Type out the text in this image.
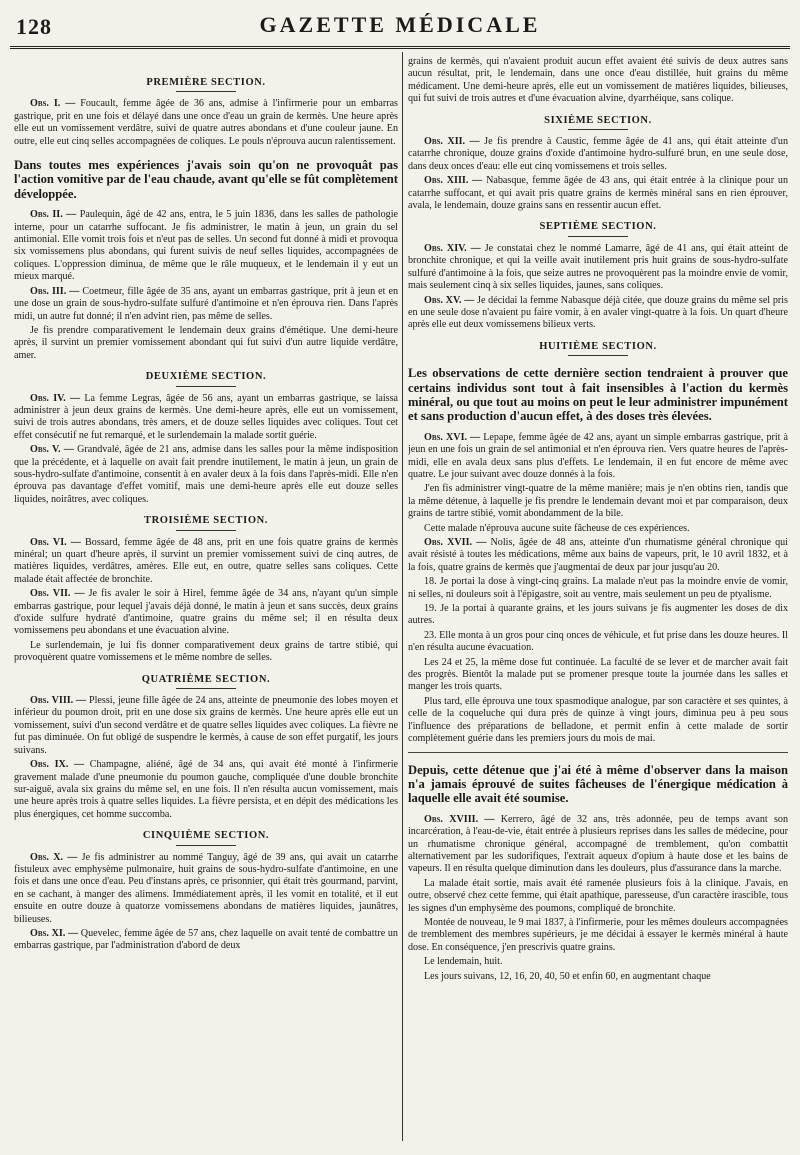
128	GAZETTE MÉDICALE
PREMIÈRE SECTION.

Obs. I. — Foucault, femme âgée de 36 ans, admise à l'infirmerie pour un embarras gastrique, prit en une fois et délayé dans une once d'eau un grain de kermès. Une heure après elle eut un vomissement verdâtre, suivi de quatre autres abondans et d'une couleur jaune. En outre, elle eut cinq selles accompagnées de coliques. Le pouls n'éprouva aucun ralentissement.

Dans toutes mes expériences j'avais soin qu'on ne provoquât pas l'action vomitive par de l'eau chaude, avant qu'elle se fût complètement développée.

Obs. II. — Paulequin, âgé de 42 ans, entra, le 5 juin 1836, dans les salles de pathologie interne, pour un catarrhe suffocant. Je fis administrer, le matin à jeun, un grain du sel antimonial. Elle vomit trois fois et n'eut pas de selles. Un second fut donné à midi et provoqua six vomissemens plus abondans, qui furent suivis de neuf selles liquides, accompagnées de coliques. L'oppression diminua, de même que le râle muqueux, et le lendemain il y eut un mieux marqué.

Obs. III. — Coetmeur, fille âgée de 35 ans, ayant un embarras gastrique, prit à jeun et en une dose un grain de sous-hydro-sulfate sulfuré d'antimoine et n'en éprouva rien. Dans l'après midi, un autre fut donné; il n'en advint rien, pas même de selles.

Je fis prendre comparativement le lendemain deux grains d'émétique. Une demi-heure après, il survint un premier vomissement abondant qui fut suivi d'un autre liquide verdâtre, amer.

DEUXIÈME SECTION.

Obs. IV. — La femme Legras, âgée de 56 ans, ayant un embarras gastrique, se laissa administrer à jeun deux grains de kermès. Une demi-heure après, elle eut un vomissement, suivi de trois autres abondans, très amers, et de douze selles liquides avec coliques. Tout cet effet consécutif ne fut remarqué, et le surlendemain la malade sortit guérie.

Obs. V. — Grandvalé, âgée de 21 ans, admise dans les salles pour la même indisposition que la précédente, et à laquelle on avait fait prendre inutilement, le matin à jeun, un grain de sous-hydro-sulfate d'antimoine, consentit à en avaler deux à la fois dans l'après-midi. Elle n'en éprouva pas davantage d'effet vomitif, mais une demi-heure après elle eut douze selles liquides, noirâtres, avec coliques.

TROISIÈME SECTION.

Obs. VI. — Bossard, femme âgée de 48 ans, prit en une fois quatre grains de kermès minéral; un quart d'heure après, il survint un premier vomissement suivi de cinq autres, de matières liquides, verdâtres, amères. Elle eut, en outre, quatre selles sans coliques. Cette malade était affectée de bronchite.

Obs. VII. — Je fis avaler le soir à Hirel, femme âgée de 34 ans, n'ayant qu'un simple embarras gastrique, pour lequel j'avais déjà donné, le matin à jeun et sans succès, deux grains d'oxide sulfure hydraté d'antimoine, quatre grains du même sel; il en résulta deux vomissemens peu abondans et une évacuation alvine.

Le surlendemain, je lui fis donner comparativement deux grains de tartre stibié, qui provoquèrent quatre vomissemens et le même nombre de selles.

QUATRIÈME SECTION.

Obs. VIII. — Plessi, jeune fille âgée de 24 ans, atteinte de pneumonie des lobes moyen et inférieur du poumon droit, prit en une dose six grains de kermès. Une heure après elle eut un vomissement, suivi d'un second verdâtre et de quatre selles liquides avec coliques. La fièvre ne fut pas diminuée. On fut obligé de suspendre le kermès, à cause de son effet purgatif, les jours suivans.

Obs. IX. — Champagne, aliéné, âgé de 34 ans, qui avait été monté à l'infirmerie gravement malade d'une pneumonie du poumon gauche, compliquée d'une double bronchite sur-aiguë, avala six grains du même sel, en une fois. Il n'en résulta aucun vomissement, mais une heure après trois à quatre selles liquides. La fièvre persista, et en dépit des médications les plus énergiques, cet homme succomba.

CINQUIÈME SECTION.

Obs. X. — Je fis administrer au nommé Tanguy, âgé de 39 ans, qui avait un catarrhe fistuleux avec emphysème pulmonaire, huit grains de sous-hydro-sulfate d'antimoine, en une fois et dans une once d'eau. Peu d'instans après, ce prisonnier, qui était très gourmand, parvint, en se cachant, à manger des alimens. Immédiatement après, il les vomit en totalité, et il eut ensuite en outre douze à quatorze vomissemens abondans de matières liquides, jaunâtres, bilieuses.

Obs. XI. — Quevelec, femme âgée de 57 ans, chez laquelle on avait tenté de combattre un embarras gastrique, par l'administration d'abord de deux

grains de kermès, qui n'avaient produit aucun effet avaient été suivis de deux autres sans aucun résultat, prit, le lendemain, dans une once d'eau distillée, huit grains du même médicament. Une demi-heure après, elle eut un vomissement de matières liquides, bilieuses, qui fut suivi de trois autres et d'une évacuation alvine, dyarrhéique, sans colique.

SIXIÈME SECTION.

Obs. XII. — Je fis prendre à Caustic, femme âgée de 41 ans, qui était atteinte d'un catarrhe chronique, douze grains d'oxide d'antimoine hydro-sulfuré brun, en une seule dose, dans deux onces d'eau: elle eut cinq vomissemens et trois selles.

Obs. XIII. — Nabasque, femme âgée de 43 ans, qui était entrée à la clinique pour un catarrhe suffocant, et qui avait pris quatre grains de kermès minéral sans en rien éprouver, avala, le lendemain, douze grains sans en ressentir aucun effet.

SEPTIÈME SECTION.

Obs. XIV. — Je constatai chez le nommé Lamarre, âgé de 41 ans, qui était atteint de bronchite chronique, et qui la veille avait inutilement pris huit grains de sous-hydro-sulfate sulfuré d'antimoine à la fois, que seize autres ne provoquèrent pas la moindre envie de vomir, mais seulement cinq à six selles liquides, jaunes, sans coliques.

Obs. XV. — Je décidai la femme Nabasque déjà citée, que douze grains du même sel pris en une seule dose n'avaient pu faire vomir, à en avaler vingt-quatre à la fois. Un quart d'heure après elle eut deux vomissemens bilieux verts.

HUITIÈME SECTION.

Les observations de cette dernière section tendraient à prouver que certains individus sont tout à fait insensibles à l'action du kermès minéral, ou que tout au moins on peut le leur administrer impunément et sans production d'aucun effet, à des doses très élevées.

Obs. XVI. — Lepape, femme âgée de 42 ans, ayant un simple embarras gastrique, prit à jeun en une fois un grain de sel antimonial et n'en éprouva rien. Vers quatre heures de l'après-midi, elle en avala deux sans plus d'effets. Le lendemain, il en fut encore de même avec quatre. Le jour suivant avec douze donnés à la fois.

J'en fis administrer vingt-quatre de la même manière; mais je n'en obtins rien, tandis que la même détenue, à laquelle je fis prendre le lendemain devant moi et par comparaison, deux grains de tartre stibié, vomit abondamment de la bile.

Cette malade n'éprouva aucune suite fâcheuse de ces expériences.

Obs. XVII. — Nolis, âgée de 48 ans, atteinte d'un rhumatisme général chronique qui avait résisté à toutes les médications, même aux bains de vapeurs, prit, le 10 avril 1832, et à la fois, quatre grains de kermès que j'augmentai de deux par jour jusqu'au 20.

18. Je portai la dose à vingt-cinq grains. La malade n'eut pas la moindre envie de vomir, ni selles, ni douleurs soit à l'épigastre, soit au ventre, mais seulement un peu de ptyalisme.

19. Je la portai à quarante grains, et les jours suivans je fis augmenter les doses de dix autres.

23. Elle monta à un gros pour cinq onces de véhicule, et fut prise dans les douze heures. Il n'en résulta aucune évacuation.

Les 24 et 25, la même dose fut continuée. La faculté de se lever et de marcher avait fait des progrès. Bientôt la malade put se promener presque toute la journée dans les salles et manger les trois quarts.

Plus tard, elle éprouva une toux spasmodique analogue, par son caractère et ses quintes, à celle de la coqueluche qui dura près de quinze à vingt jours, diminua peu à peu sous l'influence des préparations de belladone, et permit enfin à cette malade de sortir complètement guérie dans les premiers jours du mois de mai.

Depuis, cette détenue que j'ai été à même d'observer dans la maison n'a jamais éprouvé de suites fâcheuses de l'énergique médication à laquelle elle avait été soumise.

Obs. XVIII. — Kerrero, âgé de 32 ans, très adonnée, peu de temps avant son incarcération, à l'eau-de-vie, était entrée à plusieurs reprises dans les salles de médecine, pour un rhumatisme chronique général, accompagné de tremblement, qu'on combattit alternativement par les sudorifiques, l'extrait aqueux d'opium à haute dose et les bains de vapeurs. Il en résulta quelque diminution dans les douleurs, plus d'assurance dans la marche.

La malade était sortie, mais avait été ramenée plusieurs fois à la clinique. J'avais, en outre, observé chez cette femme, qui était apathique, paresseuse, d'un caractère irascible, tous les signes d'un emphysème des poumons, compliqué de bronchite.

Montée de nouveau, le 9 mai 1837, à l'infirmerie, pour les mêmes douleurs accompagnées de tremblement des membres supérieurs, je me décidai à essayer le kermès minéral à haute dose. En conséquence, j'en prescrivis quatre grains.

Le lendemain, huit.

Les jours suivans, 12, 16, 20, 40, 50 et enfin 60, en augmentant chaque
